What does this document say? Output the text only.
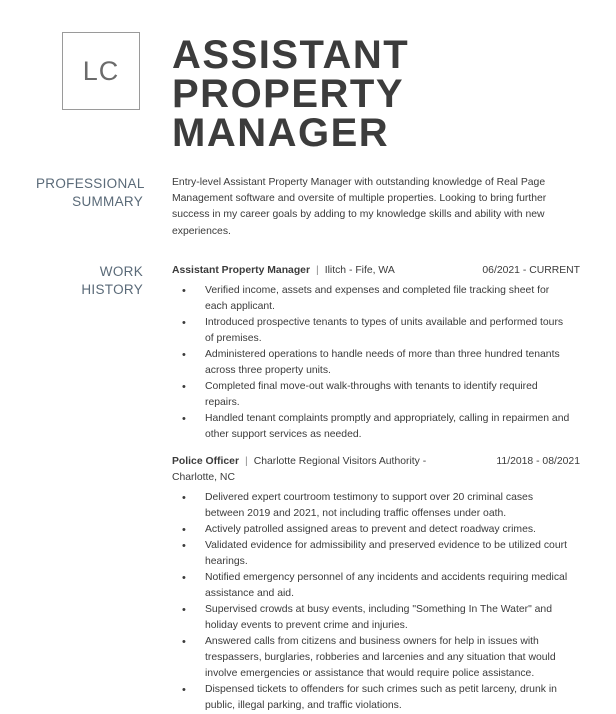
LC ASSISTANT
PROPERTY
MANAGER
PROFESSIONAL
SUMMARY
Entry-level Assistant Property Manager with outstanding knowledge of Real Page Management software and oversite of multiple properties. Looking to bring further success in my career goals by adding to my knowledge skills and ability with new experiences.
WORK HISTORY
Assistant Property Manager | Ilitch - Fife, WA	06/2021 - CURRENT
• Verified income, assets and expenses and completed file tracking sheet for each applicant.
• Introduced prospective tenants to types of units available and performed tours of premises.
• Administered operations to handle needs of more than three hundred tenants across three property units.
• Completed final move-out walk-throughs with tenants to identify required repairs.
• Handled tenant complaints promptly and appropriately, calling in repairmen and other support services as needed.
Police Officer | Charlotte Regional Visitors Authority -	11/2018 - 08/2021
Charlotte, NC
• Delivered expert courtroom testimony to support over 20 criminal cases between 2019 and 2021, not including traffic offenses under oath.
• Actively patrolled assigned areas to prevent and detect roadway crimes.
• Validated evidence for admissibility and preserved evidence to be utilized court hearings.
• Notified emergency personnel of any incidents and accidents requiring medical assistance and aid.
• Supervised crowds at busy events, including "Something In The Water" and holiday events to prevent crime and injuries.
• Answered calls from citizens and business owners for help in issues with trespassers, burglaries, robberies and larcenies and any situation that would involve emergencies or assistance that would require police assistance.
• Dispensed tickets to offenders for such crimes such as petit larceny, drunk in public, illegal parking, and traffic violations.
